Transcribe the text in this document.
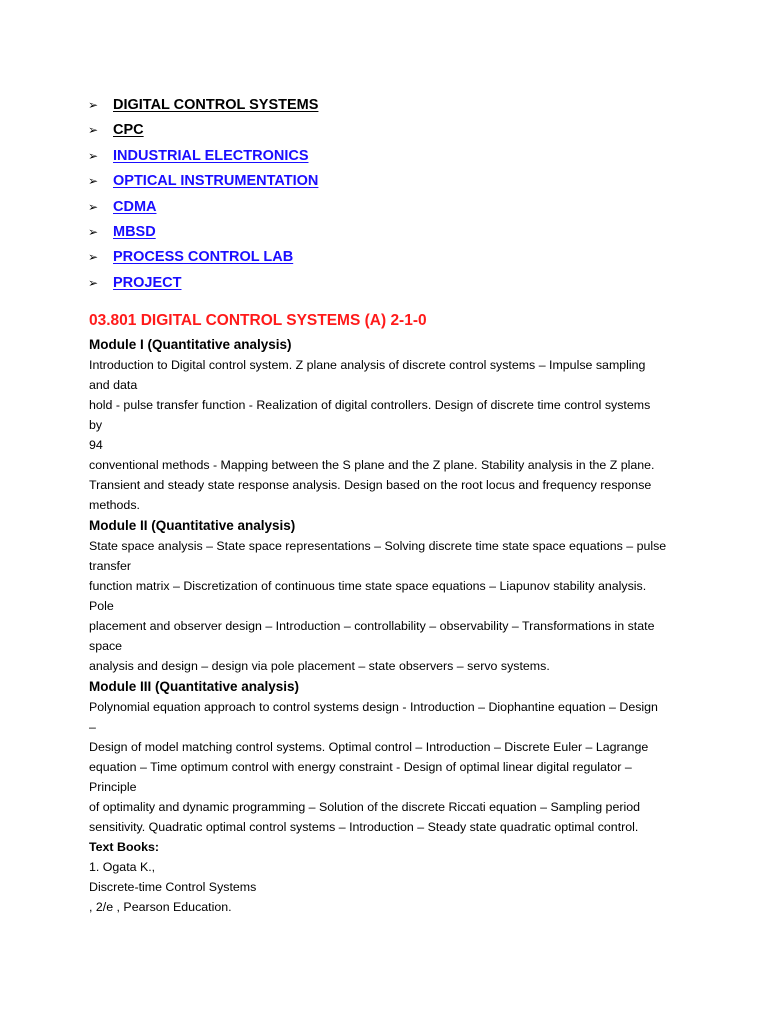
➢ DIGITAL CONTROL SYSTEMS
➢ CPC
➢ INDUSTRIAL ELECTRONICS
➢ OPTICAL INSTRUMENTATION
➢ CDMA
➢ MBSD
➢ PROCESS CONTROL LAB
➢ PROJECT
03.801 DIGITAL CONTROL SYSTEMS (A) 2-1-0
Module I (Quantitative analysis)
Introduction to Digital control system. Z plane analysis of discrete control systems – Impulse sampling
and data
hold - pulse transfer function - Realization of digital controllers. Design of discrete time control systems
by
94
conventional methods - Mapping between the S plane and the Z plane. Stability analysis in the Z plane.
Transient and steady state response analysis. Design based on the root locus and frequency response
methods.
Module II (Quantitative analysis)
State space analysis – State space representations – Solving discrete time state space equations – pulse
transfer
function matrix – Discretization of continuous time state space equations – Liapunov stability analysis.
Pole
placement and observer design – Introduction – controllability – observability – Transformations in state
space
analysis and design – design via pole placement – state observers – servo systems.
Module III (Quantitative analysis)
Polynomial equation approach to control systems design - Introduction – Diophantine equation – Design
–
Design of model matching control systems. Optimal control – Introduction – Discrete Euler – Lagrange
equation – Time optimum control with energy constraint - Design of optimal linear digital regulator –
Principle
of optimality and dynamic programming – Solution of the discrete Riccati equation – Sampling period
sensitivity. Quadratic optimal control systems – Introduction – Steady state quadratic optimal control.
Text Books:
1. Ogata K.,
Discrete-time Control Systems
, 2/e , Pearson Education.
